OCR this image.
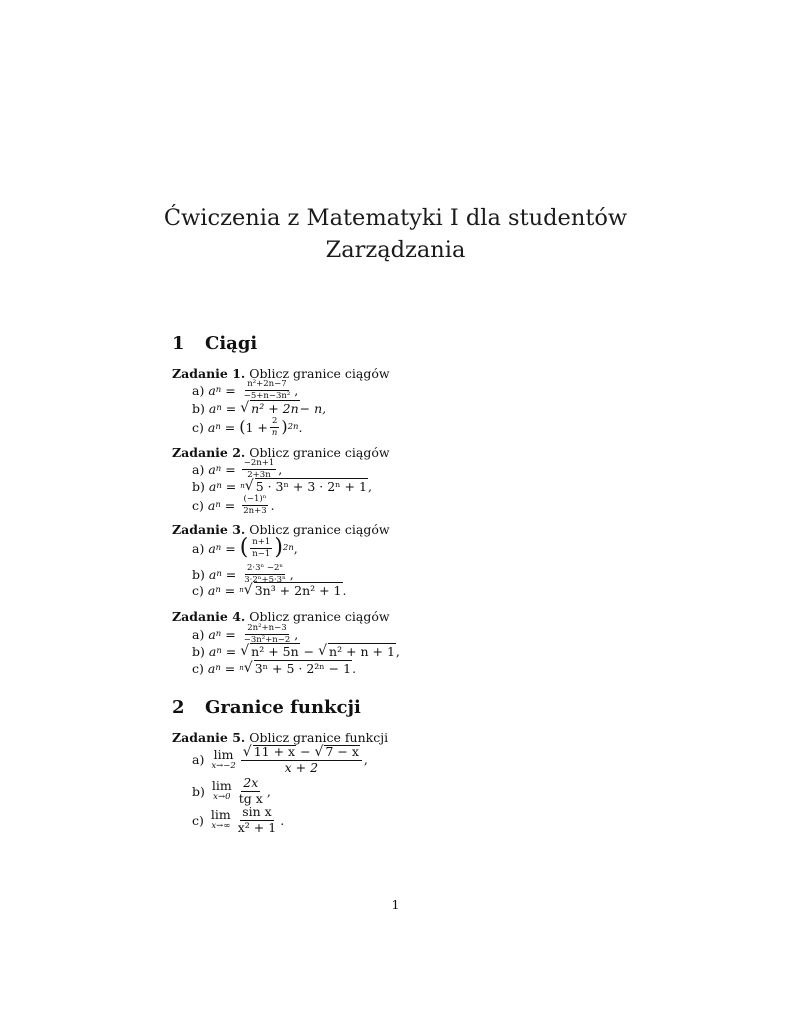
Ćwiczenia z Matematyki I dla studentów
Zarządzania
1 Ciągi
Zadanie 1. Oblicz granice ciągów
a) a $n = \frac{\text{n²+2n−7}}{\text{−5+n−3n²}}$ ,
b) a n = √ n² + 2n − n,
c) a n = ( $1 + \frac{2}{n}$ ) 2n .
Zadanie 2. Oblicz granice ciągów
a) a $n = \frac{-2n+1}{2+3n}$ ,
b) a n = n √ 5 · 3ⁿ + 3 · 2ⁿ + 1 ,
c) a $n = \frac{\text{(−1)ⁿ}}{2n+3}$ .
Zadanie 3. Oblicz granice ciągów
a) a n = ( $\frac{n+1}{n-1}$ ) 2n ,
b) a $n = \frac{\text{2·3ⁿ −2ⁿ}}{\text{3·2ⁿ+5·3ⁿ}}$ ,
c) a n = n √ 3n³ + 2n² + 1 .
Zadanie 4. Oblicz granice ciągów
a) a $n = \frac{\text{2n²+n−3}}{\text{−3n²+n−2}}$ ,
b) a n = √ n² + 5n − √ n² + n + 1 ,
c) a n = n √ 3ⁿ + 5 · 2²ⁿ − 1 .
2 Granice funkcji
Zadanie 5. Oblicz granice funkcji
a) lim
$x\to-2 \frac{√ 11 + x - √ 7 - x}{x + 2}$ ,
b) lim
$x\to 0 \frac{2x}{\text{tg x}}$ ,
c) lim
$x\to\infty \frac{\text{sin x}}{\text{x² + 1}}$ .
1
